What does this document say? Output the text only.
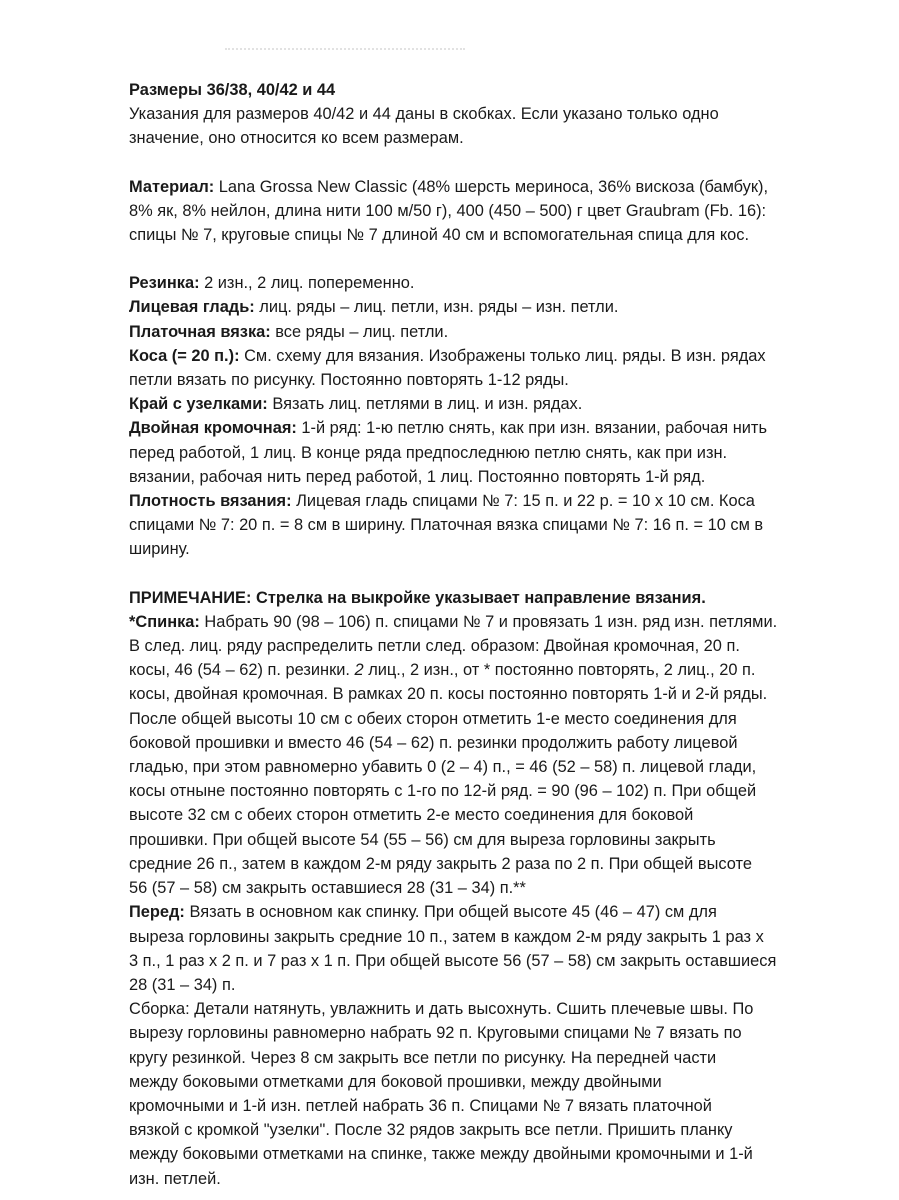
Размеры 36/38, 40/42 и 44
Указания для размеров 40/42 и 44 даны в скобках. Если указано только одно
значение, оно относится ко всем размерам.
Материал: Lana Grossa New Classic (48% шерсть мериноса, 36% вискоза (бамбук),
8% як, 8% нейлон, длина нити 100 м/50 г), 400 (450 – 500) г цвет Graubram (Fb. 16):
спицы № 7, круговые спицы № 7 длиной 40 см и вспомогательная спица для кос.
Резинка: 2 изн., 2 лиц. попеременно.
Лицевая гладь: лиц. ряды – лиц. петли, изн. ряды – изн. петли.
Платочная вязка: все ряды – лиц. петли.
Коса (= 20 п.): См. схему для вязания. Изображены только лиц. ряды. В изн. рядах
петли вязать по рисунку. Постоянно повторять 1-12 ряды.
Край с узелками: Вязать лиц. петлями в лиц. и изн. рядах.
Двойная кромочная: 1-й ряд: 1-ю петлю снять, как при изн. вязании, рабочая нить
перед работой, 1 лиц. В конце ряда предпоследнюю петлю снять, как при изн.
вязании, рабочая нить перед работой, 1 лиц. Постоянно повторять 1-й ряд.
Плотность вязания: Лицевая гладь спицами № 7: 15 п. и 22 р. = 10 х 10 см. Коса
спицами № 7: 20 п. = 8 см в ширину. Платочная вязка спицами № 7: 16 п. = 10 см в
ширину.
ПРИМЕЧАНИЕ: Стрелка на выкройке указывает направление вязания.
*Спинка: Набрать 90 (98 – 106) п. спицами № 7 и провязать 1 изн. ряд изн. петлями.
В след. лиц. ряду распределить петли след. образом: Двойная кромочная, 20 п.
косы, 46 (54 – 62) п. резинки. 2 лиц., 2 изн., от * постоянно повторять, 2 лиц., 20 п.
косы, двойная кромочная. В рамках 20 п. косы постоянно повторять 1-й и 2-й ряды.
После общей высоты 10 см с обеих сторон отметить 1-е место соединения для
боковой прошивки и вместо 46 (54 – 62) п. резинки продолжить работу лицевой
гладью, при этом равномерно убавить 0 (2 – 4) п., = 46 (52 – 58) п. лицевой глади,
косы отныне постоянно повторять с 1-го по 12-й ряд. = 90 (96 – 102) п. При общей
высоте 32 см с обеих сторон отметить 2-е место соединения для боковой
прошивки. При общей высоте 54 (55 – 56) см для выреза горловины закрыть
средние 26 п., затем в каждом 2-м ряду закрыть 2 раза по 2 п. При общей высоте
56 (57 – 58) см закрыть оставшиеся 28 (31 – 34) п.**
Перед: Вязать в основном как спинку. При общей высоте 45 (46 – 47) см для
выреза горловины закрыть средние 10 п., затем в каждом 2-м ряду закрыть 1 раз х
3 п., 1 раз х 2 п. и 7 раз х 1 п. При общей высоте 56 (57 – 58) см закрыть оставшиеся
28 (31 – 34) п.
Сборка: Детали натянуть, увлажнить и дать высохнуть. Сшить плечевые швы. По
вырезу горловины равномерно набрать 92 п. Круговыми спицами № 7 вязать по
кругу резинкой. Через 8 см закрыть все петли по рисунку. На передней части
между боковыми отметками для боковой прошивки, между двойными
кромочными и 1-й изн. петлей набрать 36 п. Спицами № 7 вязать платочной
вязкой с кромкой "узелки". После 32 рядов закрыть все петли. Пришить планку
между боковыми отметками на спинке, также между двойными кромочными и 1-й
изн. петлей.
